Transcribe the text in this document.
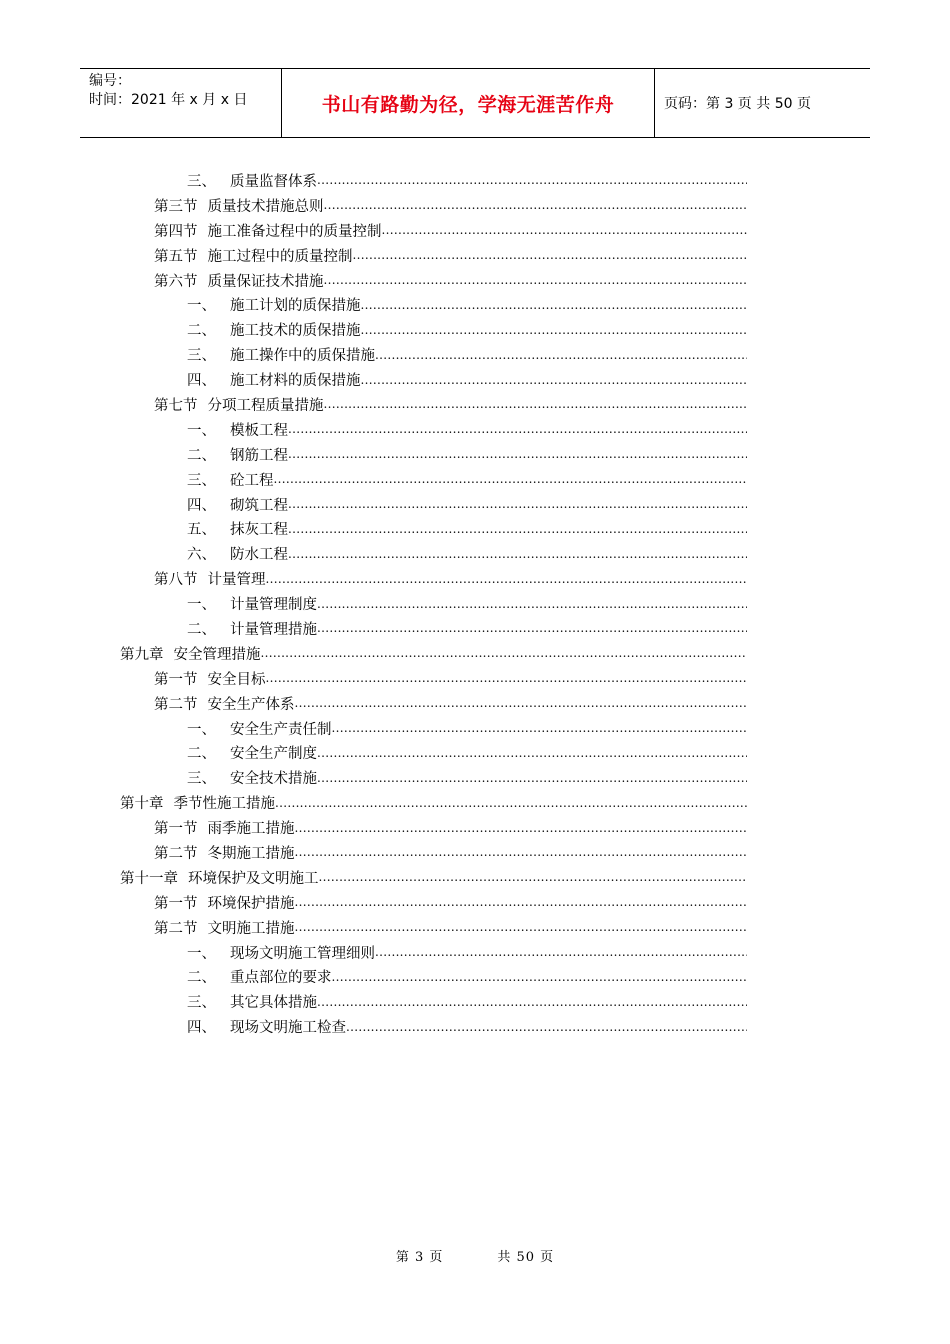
编号：
时间：2021 年 x 月 x 日	书山有路勤为径，学海无涯苦作舟	页码：第 3 页 共 50 页
三、 质量监督体系
.....
第三节 质量技术措施总则
.....
第四节 施工准备过程中的质量控制
.....
第五节 施工过程中的质量控制
.....
第六节 质量保证技术措施
.....
一、 施工计划的质保措施
.....
二、 施工技术的质保措施
.....
三、 施工操作中的质保措施
.....
四、 施工材料的质保措施
.....
第七节 分项工程质量措施
.....
一、 模板工程
.....
二、 钢筋工程
.....
三、 砼工程
.....
四、 砌筑工程
.....
五、 抹灰工程
.....
六、 防水工程
.....
第八节 计量管理
.....
一、 计量管理制度
.....
二、 计量管理措施
.....
第九章 安全管理措施
.....
第一节 安全目标
.....
第二节 安全生产体系
.....
一、 安全生产责任制
.....
二、 安全生产制度
.....
三、 安全技术措施
.....
第十章 季节性施工措施
.....
第一节 雨季施工措施
.....
第二节 冬期施工措施
.....
第十一章 环境保护及文明施工
.....
第一节 环境保护措施
.....
第二节 文明施工措施
.....
一、 现场文明施工管理细则
.....
二、 重点部位的要求
.....
三、 其它具体措施
.....
四、 现场文明施工检查
.....
第 3 页	共 50 页
